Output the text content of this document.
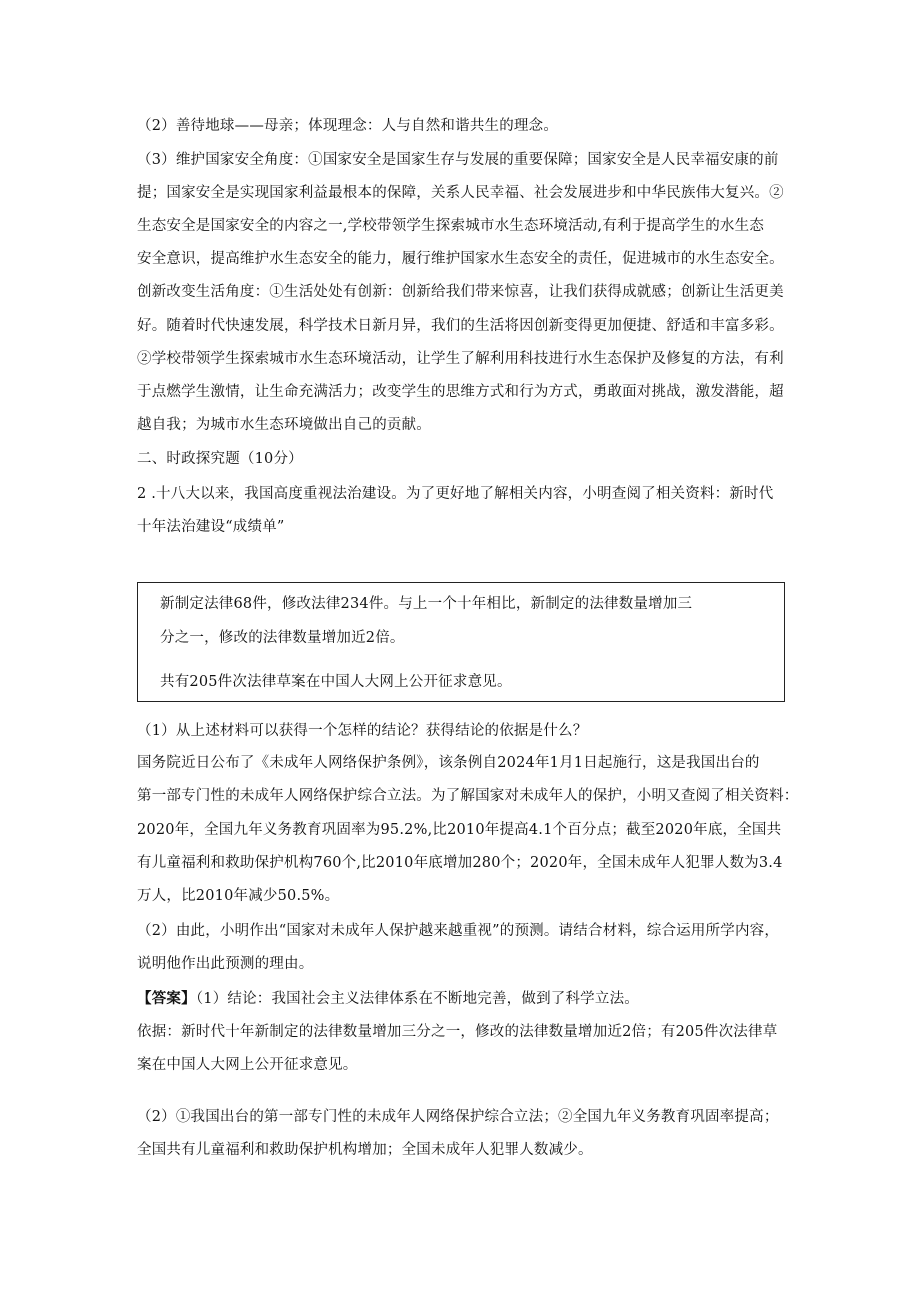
（2）善待地球——母亲；体现理念：人与自然和谐共生的理念。
（3）维护国家安全角度：①国家安全是国家生存与发展的重要保障；国家安全是人民幸福安康的前
提；国家安全是实现国家利益最根本的保障，关系人民幸福、社会发展进步和中华民族伟大复兴。②
生态安全是国家安全的内容之一,学校带领学生探索城市水生态环境活动,有利于提高学生的水生态
安全意识，提高维护水生态安全的能力，履行维护国家水生态安全的责任，促进城市的水生态安全。
创新改变生活角度：①生活处处有创新：创新给我们带来惊喜，让我们获得成就感；创新让生活更美
好。随着时代快速发展，科学技术日新月异，我们的生活将因创新变得更加便捷、舒适和丰富多彩。
②学校带领学生探索城市水生态环境活动，让学生了解利用科技进行水生态保护及修复的方法，有利
于点燃学生激情，让生命充满活力；改变学生的思维方式和行为方式，勇敢面对挑战，激发潜能，超
越自我；为城市水生态环境做出自己的贡献。
二、时政探究题（10分）
2 .十八大以来，我国高度重视法治建设。为了更好地了解相关内容，小明查阅了相关资料：新时代
十年法治建设“成绩单”
新制定法律68件，修改法律234件。与上一个十年相比，新制定的法律数量增加三
分之一，修改的法律数量增加近2倍。
共有205件次法律草案在中国人大网上公开征求意见。
（1）从上述材料可以获得一个怎样的结论？获得结论的依据是什么？
国务院近日公布了《未成年人网络保护条例》，该条例自2024年1月1日起施行，这是我国出台的
第一部专门性的未成年人网络保护综合立法。为了解国家对未成年人的保护，小明又查阅了相关资料：
2020年，全国九年义务教育巩固率为95.2%,比2010年提高4.1个百分点；截至2020年底，全国共
有儿童福利和救助保护机构760个,比2010年底增加280个；2020年，全国未成年人犯罪人数为3.4
万人，比2010年减少50.5%。
（2）由此，小明作出“国家对未成年人保护越来越重视”的预测。请结合材料，综合运用所学内容，
说明他作出此预测的理由。
【答案】（1）结论：我国社会主义法律体系在不断地完善，做到了科学立法。
依据：新时代十年新制定的法律数量增加三分之一，修改的法律数量增加近2倍；有205件次法律草
案在中国人大网上公开征求意见。
（2）①我国出台的第一部专门性的未成年人网络保护综合立法；②全国九年义务教育巩固率提高；
全国共有儿童福利和救助保护机构增加；全国未成年人犯罪人数减少。
